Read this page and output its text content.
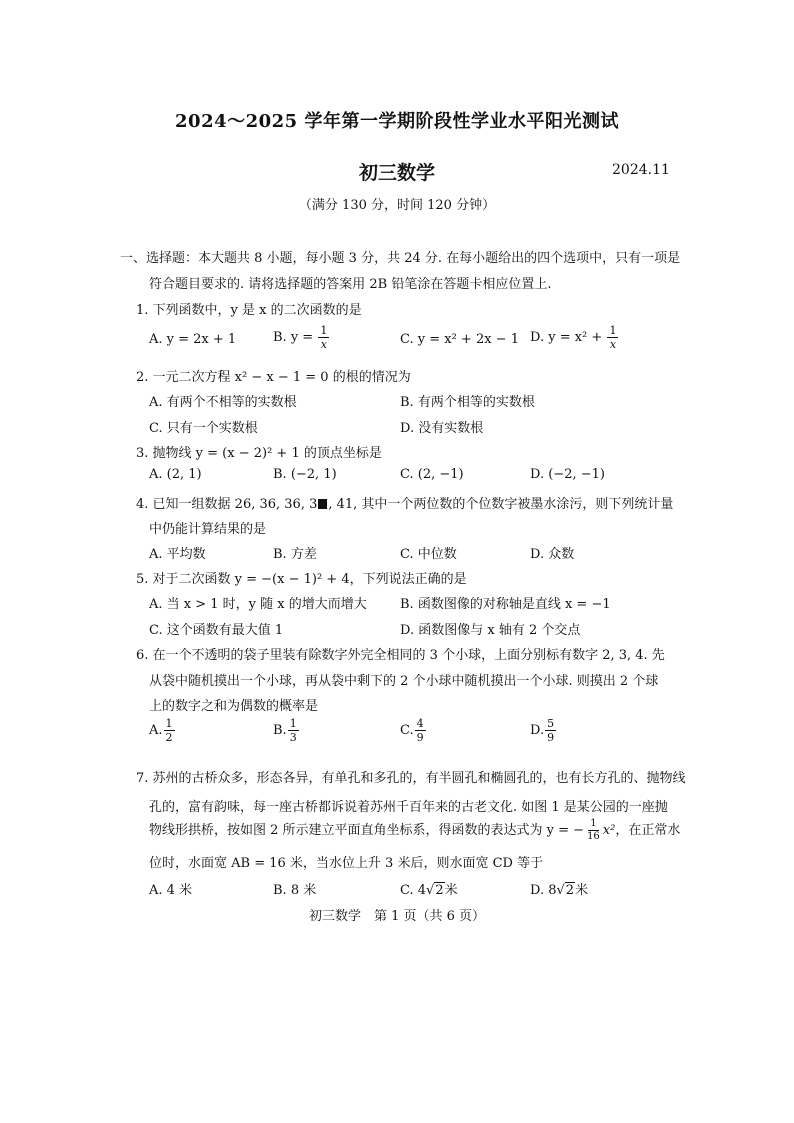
2024～2025 学年第一学期阶段性学业水平阳光测试
初三数学	2024.11
（满分 130 分，时间 120 分钟）
一、选择题：本大题共 8 小题，每小题 3 分，共 24 分. 在每小题给出的四个选项中，只有一项是
符合题目要求的. 请将选择题的答案用 2B 铅笔涂在答题卡相应位置上.
1. 下列函数中，y 是 x 的二次函数的是
A. y = 2x + 1	B. $y = \frac{1}{x}$	C. y = x² + 2x − 1 D. $y = x^2 + \frac{1}{x}$
2. 一元二次方程 x² − x − 1 = 0 的根的情况为
A. 有两个不相等的实数根	B. 有两个相等的实数根
C. 只有一个实数根	D. 没有实数根
3. 抛物线 y = (x − 2)² + 1 的顶点坐标是
A. (2, 1)	B. (−2, 1)	C. (2, −1)	D. (−2, −1)
4. 已知一组数据 26, 36, 36, 3 , 41, 其中一个两位数的个位数字被墨水涂污，则下列统计量
中仍能计算结果的是
A. 平均数	B. 方差	C. 中位数	D. 众数
5. 对于二次函数 y = −(x − 1)² + 4，下列说法正确的是
A. 当 x > 1 时，y 随 x 的增大而增大	B. 函数图像的对称轴是直线 x = −1
C. 这个函数有最大值 1	D. 函数图像与 x 轴有 2 个交点
6. 在一个不透明的袋子里装有除数字外完全相同的 3 个小球，上面分别标有数字 2, 3, 4. 先
从袋中随机摸出一个小球，再从袋中剩下的 2 个小球中随机摸出一个小球. 则摸出 2 个球
上的数字之和为偶数的概率是
A. $\frac{1}{2}$	B. $\frac{1}{3}$	C. $\frac{4}{9}$	D. $\frac{5}{9}$
7. 苏州的古桥众多，形态各异，有单孔和多孔的，有半圆孔和椭圆孔的，也有长方孔的、抛物线
孔的，富有韵味，每一座古桥都诉说着苏州千百年来的古老文化. 如图 1 是某公园的一座抛
物线形拱桥，按如图 2 所示建立平面直角坐标系，得函数的表达式为 y = − $\frac{1}{16} x^2$，在正常水
位时，水面宽 AB = 16 米，当水位上升 3 米后，则水面宽 CD 等于
A. 4 米	B. 8 米	C. 4√2米	D. 8√2米
初三数学　第 1 页（共 6 页）
